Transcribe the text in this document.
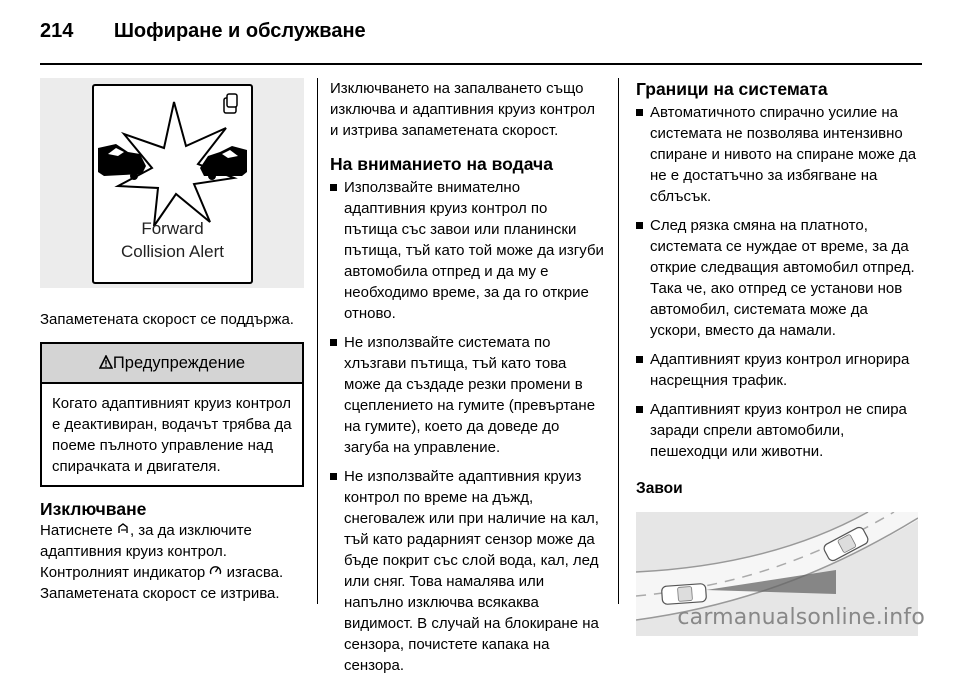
214 Шофиране и обслужване
Forward
Collision Alert

Запаметената скорост се поддържа.

Предупреждение

Когато адаптивният круиз контрол е деактивиран, водачът трябва да поеме пълното управление над спирачката и двигателя.

Изключване

Натиснете , за да изключите адаптивния круиз контрол. Контролният индикатор  изгасва. Запаметената скорост се изтрива.

Изключването на запалването също изключва и адаптивния круиз контрол и изтрива запаметената скорост.

На вниманието на водача
Използвайте внимателно адаптивния круиз контрол по пътища със завои или планински пътища, тъй като той може да изгуби автомобила отпред и да му е необходимо време, за да го открие отново.
Не използвайте системата по хлъзгави пътища, тъй като това може да създаде резки промени в сцеплението на гумите (превъртане на гумите), което да доведе до загуба на управление.
Не използвайте адаптивния круиз контрол по време на дъжд, снеговалеж или при наличие на кал, тъй като радарният сензор може да бъде покрит със слой вода, кал, лед или сняг. Това намалява или напълно изключва всякаква видимост. В случай на блокиране на сензора, почистете капака на сензора.
Граници на системата
Автоматичното спирачно усилие на системата не позволява интензивно спиране и нивото на спиране може да не е достатъчно за избягване на сблъсък.
След рязка смяна на платното, системата се нуждае от време, за да открие следващия автомобил отпред. Така че, ако отпред се установи нов автомобил, системата може да ускори, вместо да намали.
Адаптивният круиз контрол игнорира насрещния трафик.
Адаптивният круиз контрол не спира заради спрели автомобили, пешеходци или животни.
Завои
carmanualsonline.info
